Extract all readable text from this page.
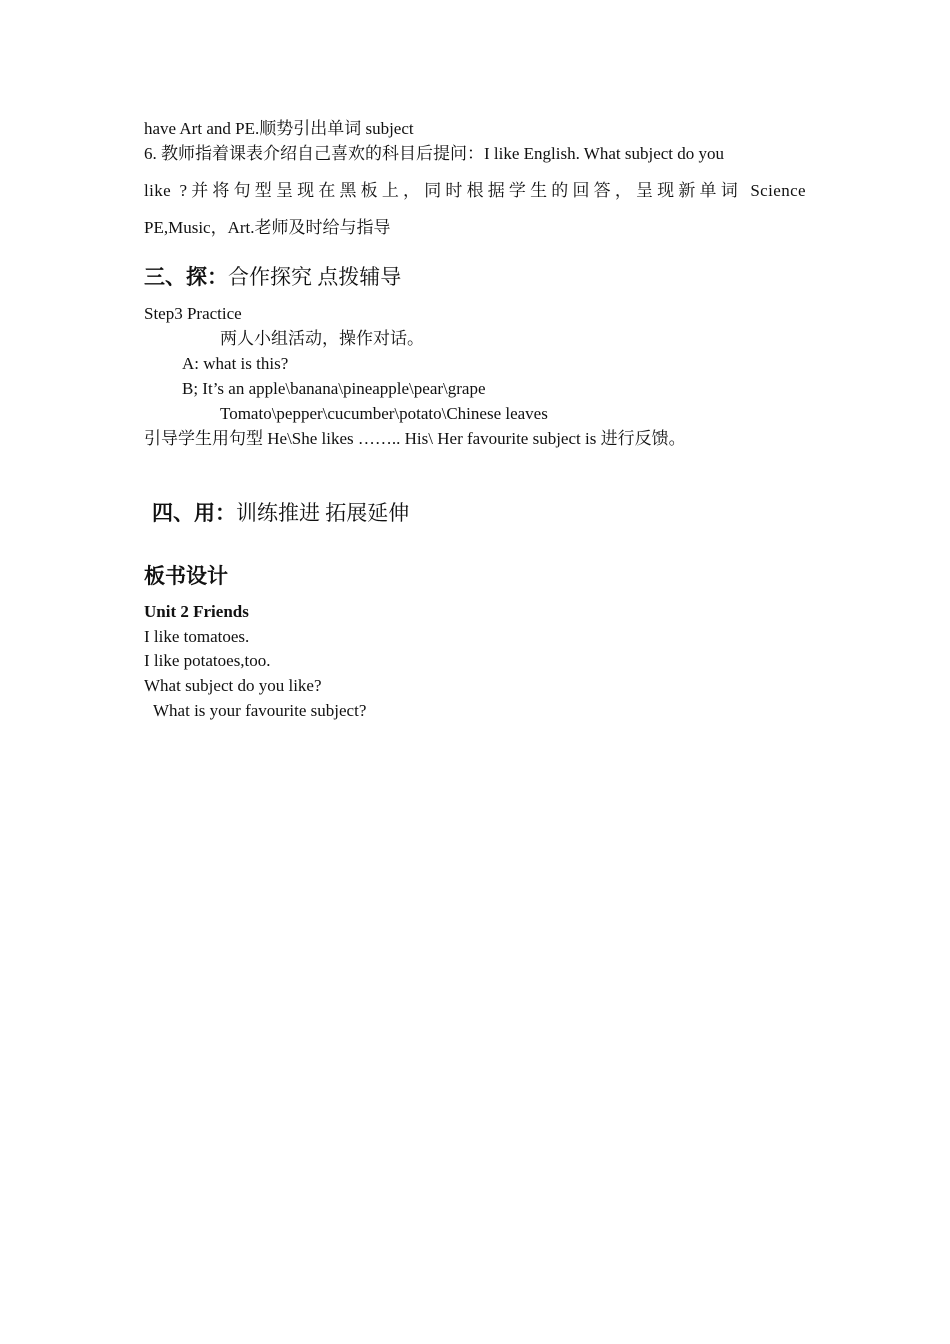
have Art and PE.顺势引出单词 subject
6. 教师指着课表介绍自己喜欢的科目后提问：I like English. What subject do you
like ?并将句型呈现在黑板上，同时根据学生的回答，呈现新单词 Science
PE,Music，Art.老师及时给与指导
三、探：合作探究 点拨辅导
Step3 Practice
两人小组活动，操作对话。
A: what is this?
B; It’s an apple\banana\pineapple\pear\grape
Tomato\pepper\cucumber\potato\Chinese leaves
引导学生用句型 He\She likes …….. His\ Her favourite subject is 进行反馈。
四、用：训练推进 拓展延伸
板书设计
Unit 2 Friends
I like tomatoes.
I like potatoes,too.
What subject do you like?
What is your favourite subject?
